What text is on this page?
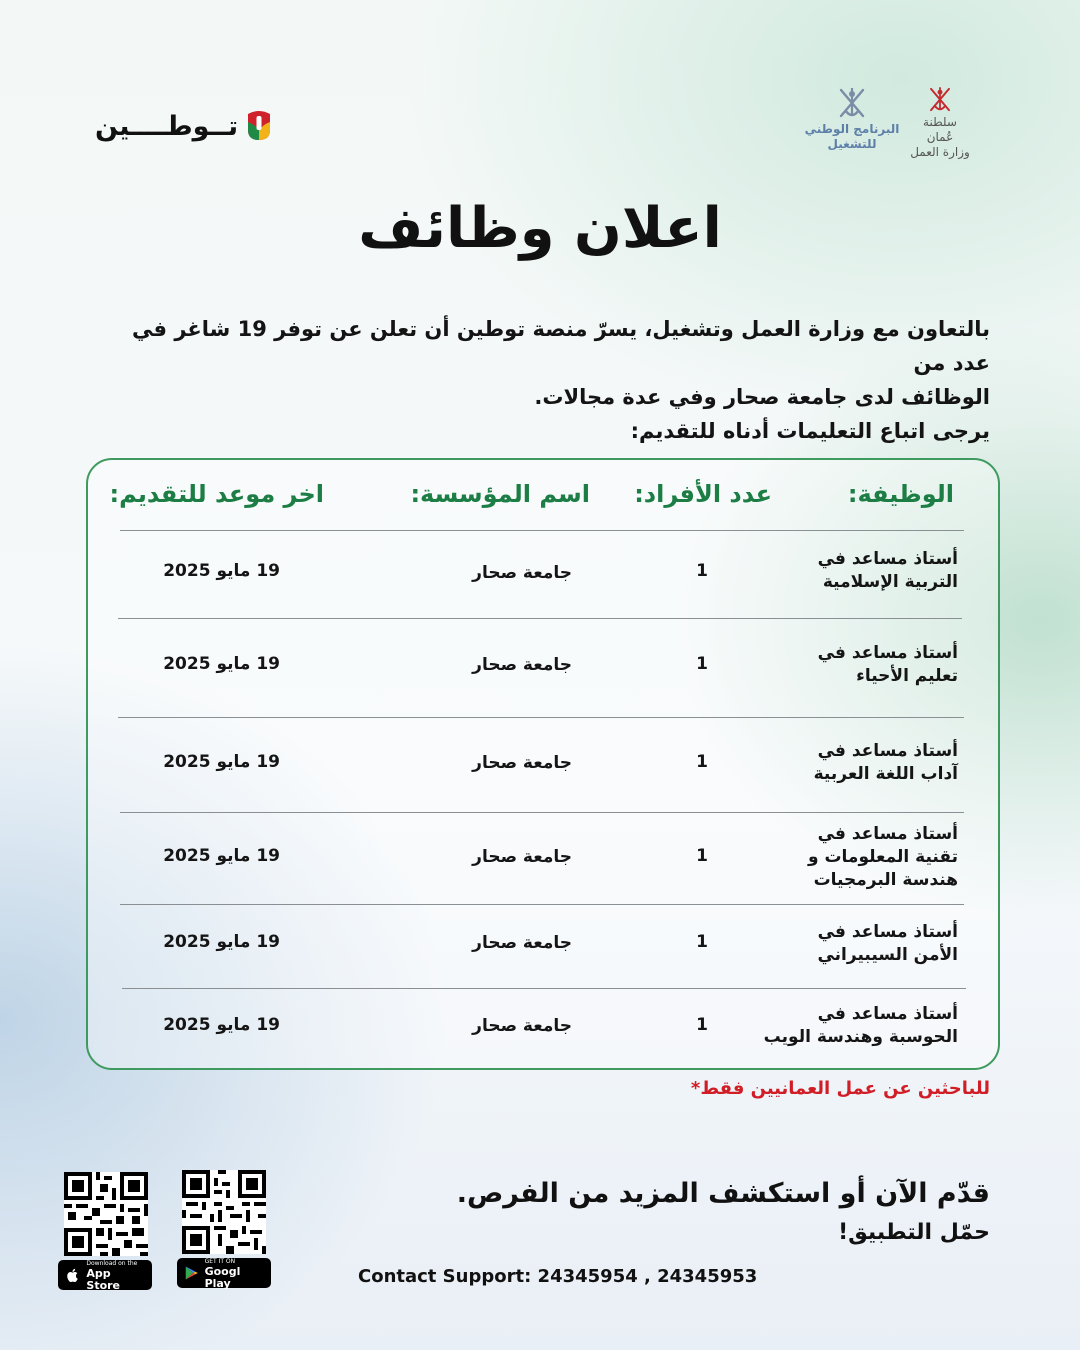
تــوطــــين	البرنامج الوطني
للتشغيل
سلطنة عُمان
وزارة العمل
اعلان وظائف
بالتعاون مع وزارة العمل وتشغيل، يسرّ منصة توطين أن تعلن عن توفر 19 شاغر في عدد من
الوظائف لدى جامعة صحار وفي عدة مجالات.
يرجى اتباع التعليمات أدناه للتقديم:
الوظيفة:
عدد الأفراد:
اسم المؤسسة:
اخر موعد للتقديم:
أستاذ مساعد في
التربية الإسلامية
1
جامعة صحار
19 مايو 2025
أستاذ مساعد في
تعليم الأحياء
1
جامعة صحار
19 مايو 2025
أستاذ مساعد في
آداب اللغة العربية
1
جامعة صحار
19 مايو 2025
أستاذ مساعد في
تقنية المعلومات و
هندسة البرمجيات
1
جامعة صحار
19 مايو 2025
أستاذ مساعد في
الأمن السيبيراني
1
جامعة صحار
19 مايو 2025
أستاذ مساعد في
الحوسبة وهندسة الويب
1
جامعة صحار
19 مايو 2025
للباحثين عن عمل العمانيين فقط*
قدّم الآن أو استكشف المزيد من الفرص.
حمّل التطبيق!
Contact Support: 24345954 , 24345953
Download on the
App Store
GET IT ON
Googl Play
